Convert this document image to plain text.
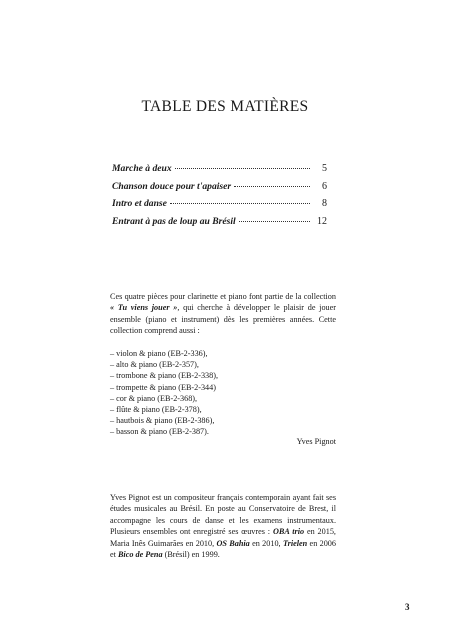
TABLE DES MATIÈRES
Marche à deux	5
Chanson douce pour t'apaiser	6
Intro et danse	8
Entrant à pas de loup au Brésil	12

Ces quatre pièces pour clarinette et piano font partie de la collection « Tu viens jouer », qui cherche à développer le plaisir de jouer ensemble (piano et instrument) dès les premières années. Cette collection comprend aussi :

– violon & piano (EB-2-336),
– alto & piano (EB-2-357),
– trombone & piano (EB-2-338),
– trompette & piano (EB-2-344)
– cor & piano (EB-2-368),
– flûte & piano (EB-2-378),
– hautbois & piano (EB-2-386),
– basson & piano (EB-2-387).

Yves Pignot

Yves Pignot est un compositeur français contemporain ayant fait ses études musicales au Brésil. En poste au Conservatoire de Brest, il accompagne les cours de danse et les examens instrumentaux. Plusieurs ensembles ont enregistré ses œuvres : OBA trio en 2015, Maria Inês Guimarães en 2010, OS Bahia en 2010, Trielen en 2006 et Bico de Pena (Brésil) en 1999.

3
